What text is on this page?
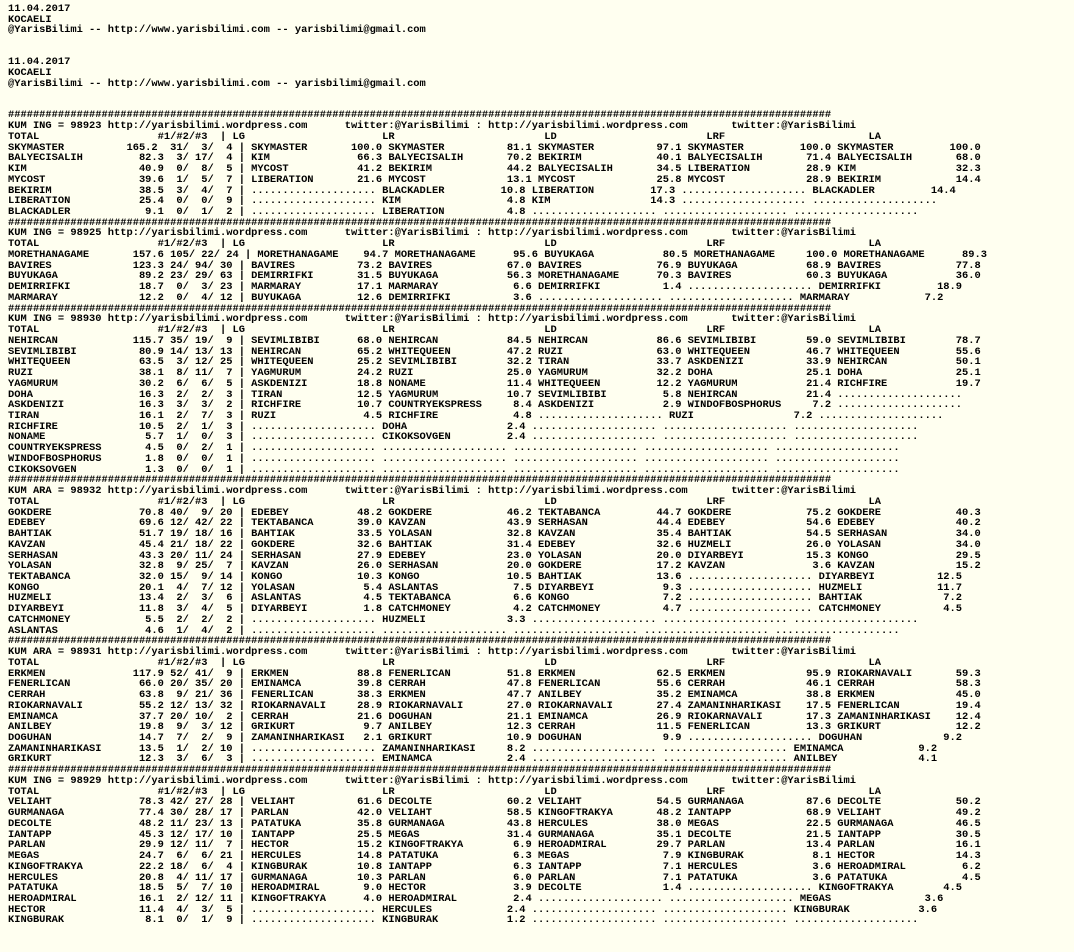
11.04.2017
KOCAELI
@YarisBilimi -- http://www.yarisbilimi.com -- yarisbilimi@gmail.com
11.04.2017
KOCAELI
@YarisBilimi -- http://www.yarisbilimi.com -- yarisbilimi@gmail.com
####################################################################################################################################
KUM ING = 98923 http://yarisbilimi.wordpress.com      twitter:@YarisBilimi : http://yarisbilimi.wordpress.com       twitter:@YarisBilimi
TOTAL                   #1/#2/#3  | LG                      LR                        LD                        LRF                       LA
SKYMASTER          165.2  31/  3/  4 | SKYMASTER       100.0 SKYMASTER          81.1 SKYMASTER          97.1 SKYMASTER         100.0 SKYMASTER         100.0
BALYECISALIH         82.3  3/ 17/  4 | KIM              66.3 BALYECISALIH       70.2 BEKIRIM            40.1 BALYECISALIH       71.4 BALYECISALIH       68.0
KIM                  40.9  0/  8/  5 | MYCOST           41.2 BEKIRIM            44.2 BALYECISALIH       34.5 LIBERATION         28.9 KIM                32.3
MYCOST               39.6  1/  5/  7 | LIBERATION       21.6 MYCOST             13.1 MYCOST             25.8 MYCOST             28.9 BEKIRIM            14.4
BEKIRIM              38.5  3/  4/  7 | .................... BLACKADLER         10.8 LIBERATION         17.3 .................... BLACKADLER         14.4
LIBERATION           25.4  0/  0/  9 | .................... KIM                 4.8 KIM                14.3 .................... ....................
BLACKADLER            9.1  0/  1/  2 | .................... LIBERATION          4.8 .................... .................... ....................
####################################################################################################################################
KUM ING = 98925 http://yarisbilimi.wordpress.com      twitter:@YarisBilimi : http://yarisbilimi.wordpress.com       twitter:@YarisBilimi
TOTAL                   #1/#2/#3  | LG                      LR                        LD                        LRF                       LA
MORETHANAGAME       157.6 105/ 22/ 24 | MORETHANAGAME    94.7 MORETHANAGAME      95.6 BUYUKAGA           80.5 MORETHANAGAME     100.0 MORETHANAGAME      89.3
BAVIRES             123.3 24/ 94/ 30 | BAVIRES          73.2 BAVIRES            67.0 BAVIRES            76.9 BUYUKAGA           68.9 BAVIRES            77.8
BUYUKAGA             89.2 23/ 29/ 63 | DEMIRRIFKI       31.5 BUYUKAGA           56.3 MORETHANAGAME      70.3 BAVIRES            60.3 BUYUKAGA           36.0
DEMIRRIFKI           18.7  0/  3/ 23 | MARMARAY         17.1 MARMARAY            6.6 DEMIRRIFKI          1.4 .................... DEMIRRIFKI         18.9
MARMARAY             12.2  0/  4/ 12 | BUYUKAGA         12.6 DEMIRRIFKI          3.6 .................... .................... MARMARAY            7.2
####################################################################################################################################
KUM ING = 98930 http://yarisbilimi.wordpress.com      twitter:@YarisBilimi : http://yarisbilimi.wordpress.com       twitter:@YarisBilimi
TOTAL                   #1/#2/#3  | LG                      LR                        LD                        LRF                       LA
NEHIRCAN            115.7 35/ 19/  9 | SEVIMLIBIBI      68.0 NEHIRCAN           84.5 NEHIRCAN           86.6 SEVIMLIBIBI        59.0 SEVIMLIBIBI        78.7
SEVIMLIBIBI          80.9 14/ 13/ 13 | NEHIRCAN         65.2 WHITEQUEEN         47.2 RUZI               63.0 WHITEQUEEN         46.7 WHITEQUEEN         55.6
WHITEQUEEN           63.5  3/ 12/ 25 | WHITEQUEEN       25.2 SEVIMLIBIBI        32.2 TIRAN              33.7 ASKDENIZI          33.9 NEHIRCAN           50.1
RUZI                 38.1  8/ 11/  7 | YAGMURUM         24.2 RUZI               25.0 YAGMURUM           32.2 DOHA               25.1 DOHA               25.1
YAGMURUM             30.2  6/  6/  5 | ASKDENIZI        18.8 NONAME             11.4 WHITEQUEEN         12.2 YAGMURUM           21.4 RICHFIRE           19.7
DOHA                 16.3  2/  2/  3 | TIRAN            12.5 YAGMURUM           10.7 SEVIMLIBIBI         5.8 NEHIRCAN           21.4 ....................
ASKDENIZI            16.3  3/  3/  2 | RICHFIRE         10.7 COUNTRYEKSPRESS     8.4 ASKDENIZI           2.9 WINDOFBOSPHORUS     7.2 ....................
TIRAN                16.1  2/  7/  3 | RUZI              4.5 RICHFIRE            4.8 .................... RUZI                7.2 ....................
RICHFIRE             10.5  2/  1/  3 | .................... DOHA                2.4 .................... .................... ....................
NONAME                5.7  1/  0/  3 | .................... CIKOKSOVGEN         2.4 .................... .................... ....................
COUNTRYEKSPRESS       4.5  0/  2/  1 | .................... .................... .................... .................... ....................
WINDOFBOSPHORUS       1.8  0/  0/  1 | .................... .................... .................... .................... ....................
CIKOKSOVGEN           1.3  0/  0/  1 | .................... .................... .................... .................... ....................
####################################################################################################################################
KUM ARA = 98932 http://yarisbilimi.wordpress.com      twitter:@YarisBilimi : http://yarisbilimi.wordpress.com       twitter:@YarisBilimi
TOTAL                   #1/#2/#3  | LG                      LR                        LD                        LRF                       LA
GOKDERE              70.8 40/  9/ 20 | EDEBEY           48.2 GOKDERE            46.2 TEKTABANCA         44.7 GOKDERE            75.2 GOKDERE            40.3
EDEBEY               69.6 12/ 42/ 22 | TEKTABANCA       39.0 KAVZAN             43.9 SERHASAN           44.4 EDEBEY             54.6 EDEBEY             40.2
BAHTIAK              51.7 19/ 18/ 16 | BAHTIAK          33.5 YOLASAN            32.8 KAVZAN             35.4 BAHTIAK            54.5 SERHASAN           34.0
KAVZAN               45.4 21/ 18/ 22 | GOKDERE          32.6 BAHTIAK            31.4 EDEBEY             32.6 HUZMELI            26.0 YOLASAN            34.0
SERHASAN             43.3 20/ 11/ 24 | SERHASAN         27.9 EDEBEY             23.0 YOLASAN            20.0 DIYARBEYI          15.3 KONGO              29.5
YOLASAN              32.8  9/ 25/  7 | KAVZAN           26.0 SERHASAN           20.0 GOKDERE            17.2 KAVZAN              3.6 KAVZAN             15.2
TEKTABANCA           32.0 15/  9/ 14 | KONGO            10.3 KONGO              10.5 BAHTIAK            13.6 .................... DIYARBEYI          12.5
KONGO                20.1  4/  7/ 12 | YOLASAN           5.4 ASLANTAS            7.5 DIYARBEYI           9.3 .................... HUZMELI            11.7
HUZMELI              13.4  2/  3/  6 | ASLANTAS          4.5 TEKTABANCA          6.6 KONGO               7.2 .................... BAHTIAK             7.2
DIYARBEYI            11.8  3/  4/  5 | DIYARBEYI         1.8 CATCHMONEY          4.2 CATCHMONEY          4.7 .................... CATCHMONEY          4.5
CATCHMONEY            5.5  2/  2/  2 | .................... HUZMELI             3.3 .................... .................... ....................
ASLANTAS              4.6  1/  4/  2 | .................... .................... .................... .................... ....................
####################################################################################################################################
KUM ARA = 98931 http://yarisbilimi.wordpress.com      twitter:@YarisBilimi : http://yarisbilimi.wordpress.com       twitter:@YarisBilimi
TOTAL                   #1/#2/#3  | LG                      LR                        LD                        LRF                       LA
ERKMEN              117.9 52/ 41/  9 | ERKMEN           88.8 FENERLICAN         51.8 ERKMEN             62.5 ERKMEN             95.9 RIOKARNAVALI       59.3
FENERLICAN           66.0 20/ 35/ 20 | EMINAMCA         39.8 CERRAH             47.8 FENERLICAN         55.6 CERRAH             46.1 CERRAH             58.3
CERRAH               63.8  9/ 21/ 36 | FENERLICAN       38.3 ERKMEN             47.7 ANILBEY            35.2 EMINAMCA           38.8 ERKMEN             45.0
RIOKARNAVALI         55.2 12/ 13/ 32 | RIOKARNAVALI     28.9 RIOKARNAVALI       27.0 RIOKARNAVALI       27.4 ZAMANINHARIKASI    17.5 FENERLICAN         19.4
EMINAMCA             37.7 20/ 10/  2 | CERRAH           21.6 DOGUHAN            21.1 EMINAMCA           26.9 RIOKARNAVALI       17.3 ZAMANINHARIKASI    12.4
ANILBEY              19.8  9/  3/ 12 | GRIKURT           9.7 ANILBEY            12.3 CERRAH             11.5 FENERLICAN         13.3 GRIKURT            12.2
DOGUHAN              14.7  7/  2/  9 | ZAMANINHARIKASI   2.1 GRIKURT            10.9 DOGUHAN             9.9 .................... DOGUHAN             9.2
ZAMANINHARIKASI      13.5  1/  2/ 10 | .................... ZAMANINHARIKASI     8.2 .................... .................... EMINAMCA            9.2
GRIKURT              12.3  3/  6/  3 | .................... EMINAMCA            2.4 .................... .................... ANILBEY             4.1
####################################################################################################################################
KUM ING = 98929 http://yarisbilimi.wordpress.com      twitter:@YarisBilimi : http://yarisbilimi.wordpress.com       twitter:@YarisBilimi
TOTAL                   #1/#2/#3  | LG                      LR                        LD                        LRF                       LA
VELIAHT              78.3 42/ 27/ 28 | VELIAHT          61.6 DECOLTE            60.2 VELIAHT            54.5 GURMANAGA          87.6 DECOLTE            50.2
GURMANAGA            77.4 30/ 28/ 17 | PARLAN           42.0 VELIAHT            58.5 KINGOFTRAKYA       48.2 IANTAPP            68.9 VELIAHT            49.2
DECOLTE              48.2 11/ 23/ 13 | PATATUKA         35.8 GURMANAGA          43.8 HERCULES           38.0 MEGAS              22.5 GURMANAGA          46.5
IANTAPP              45.3 12/ 17/ 10 | IANTAPP          25.5 MEGAS              31.4 GURMANAGA          35.1 DECOLTE            21.5 IANTAPP            30.5
PARLAN               29.9 12/ 11/  7 | HECTOR           15.2 KINGOFTRAKYA        6.9 HEROADMIRAL        29.7 PARLAN             13.4 PARLAN             16.1
MEGAS                24.7  6/  6/ 21 | HERCULES         14.8 PATATUKA            6.3 MEGAS               7.9 KINGBURAK           8.1 HECTOR             14.3
KINGOFTRAKYA         22.2 18/  6/  4 | KINGBURAK        10.8 IANTAPP             6.3 IANTAPP             7.1 HERCULES            3.6 HEROADMIRAL         6.2
HERCULES             20.8  4/ 11/ 17 | GURMANAGA        10.3 PARLAN              6.0 PARLAN              7.1 PATATUKA            3.6 PATATUKA            4.5
PATATUKA             18.5  5/  7/ 10 | HEROADMIRAL       9.0 HECTOR              3.9 DECOLTE             1.4 .................... KINGOFTRAKYA        4.5
HEROADMIRAL          16.1  2/ 12/ 11 | KINGOFTRAKYA      4.0 HEROADMIRAL         2.4 .................... .................... MEGAS               3.6
HECTOR               11.4  4/  3/  5 | .................... HERCULES            2.4 .................... .................... KINGBURAK           3.6
KINGBURAK             8.1  0/  1/  9 | .................... KINGBURAK           1.2 .................... .................... ....................
